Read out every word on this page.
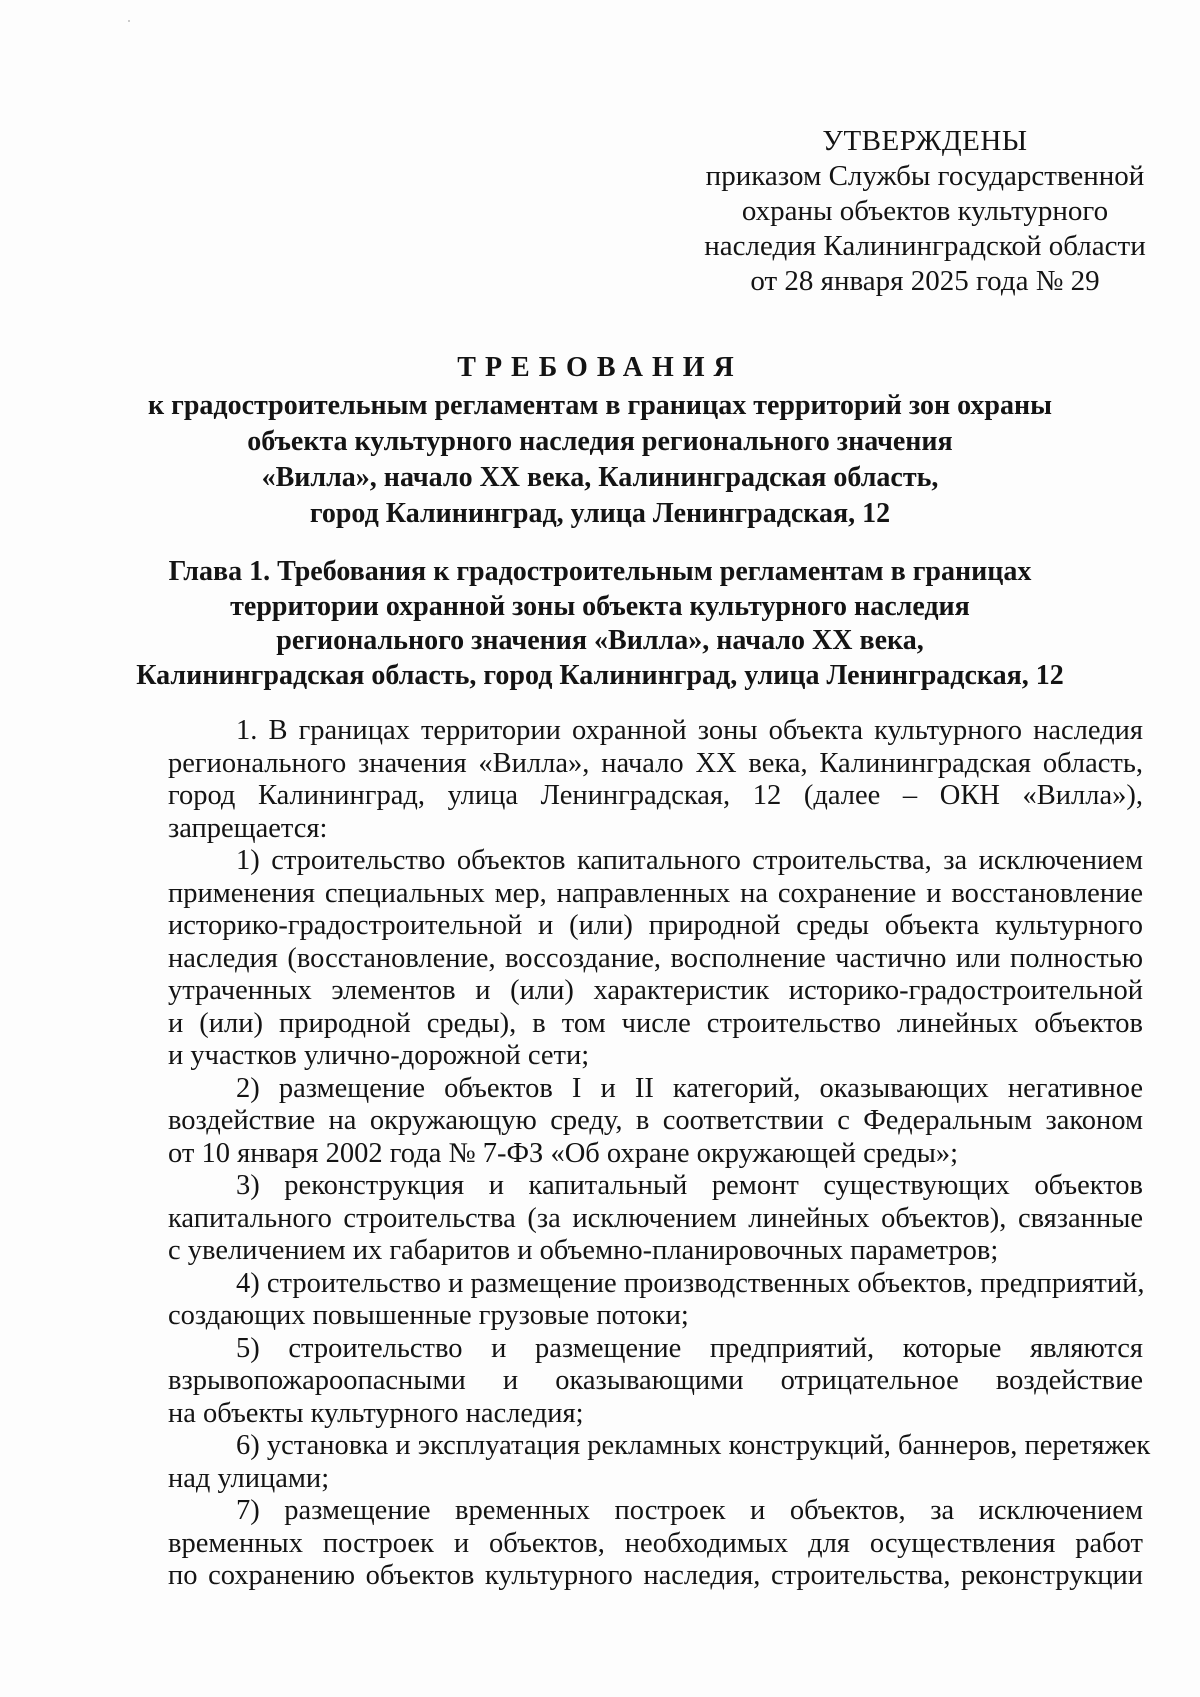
УТВЕРЖДЕНЫ
приказом Службы государственной
охраны объектов культурного
наследия Калининградской области
от 28 января 2025 года № 29
ТРЕБОВАНИЯ
к градостроительным регламентам в границах территорий зон охраны
объекта культурного наследия регионального значения
«Вилла», начало XX века, Калининградская область,
город Калининград, улица Ленинградская, 12
Глава 1. Требования к градостроительным регламентам в границах
территории охранной зоны объекта культурного наследия
регионального значения «Вилла», начало XX века,
Калининградская область, город Калининград, улица Ленинградская, 12
1. В границах территории охранной зоны объекта культурного наследия
регионального значения «Вилла», начало XX века, Калининградская область,
город Калининград, улица Ленинградская, 12 (далее – ОКН «Вилла»),
запрещается:
1) строительство объектов капитального строительства, за исключением
применения специальных мер, направленных на сохранение и восстановление
историко-градостроительной и (или) природной среды объекта культурного
наследия (восстановление, воссоздание, восполнение частично или полностью
утраченных элементов и (или) характеристик историко-градостроительной
и (или) природной среды), в том числе строительство линейных объектов
и участков улично-дорожной сети;
2) размещение объектов I и II категорий, оказывающих негативное
воздействие на окружающую среду, в соответствии с Федеральным законом
от 10 января 2002 года № 7-ФЗ «Об охране окружающей среды»;
3) реконструкция и капитальный ремонт существующих объектов
капитального строительства (за исключением линейных объектов), связанные
с увеличением их габаритов и объемно-планировочных параметров;
4) строительство и размещение производственных объектов, предприятий,
создающих повышенные грузовые потоки;
5) строительство и размещение предприятий, которые являются
взрывопожароопасными и оказывающими отрицательное воздействие
на объекты культурного наследия;
6) установка и эксплуатация рекламных конструкций, баннеров, перетяжек
над улицами;
7) размещение временных построек и объектов, за исключением
временных построек и объектов, необходимых для осуществления работ
по сохранению объектов культурного наследия, строительства, реконструкции
